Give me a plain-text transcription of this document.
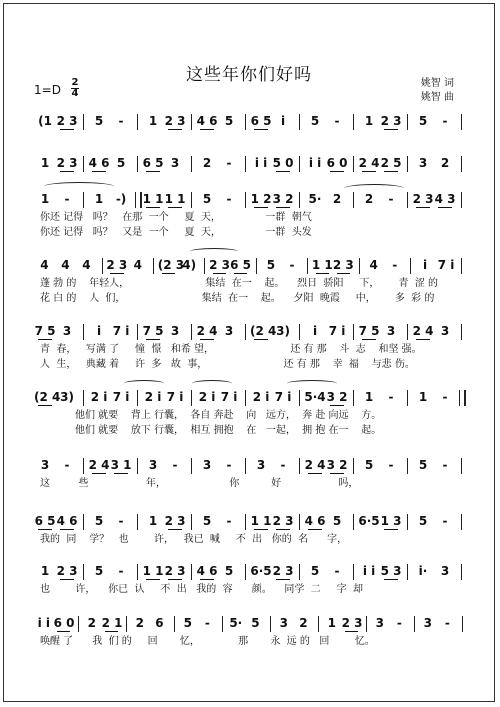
这些年你们好吗
1=D
2
4
姚智 词
姚智 曲
(1 2 3	5	-	1 2 3 4 6 5	6 5 i	5	-	1 2 3	5	-
1 2 3 4 6 5	6 5 3	2	-	i i 5 0	i i 6 0 2 4 2 5	3	2
1	-	1	-)	1 1 1 1	5	-	1 2 3 2	5· 2	2	-	2 3 4 3
你还 记得   吗？   在那  一个     夏  天，              一群  朝气
你还 记得   吗？   又是  一个     夏  天，              一群  头发
4	4	4	2 3 4	(2 3
4) 2 3 6 5	5	-	1 1 2 3	4	-	i 7 i
蓬 勃 的    年轻人，                        集结  在一    起。    烈日  骄阳     下，      青  涩 的
花 白 的    人  们，                        集结  在一    起。    夕阳  晚霞     中，      多  彩 的
7 5 3	i 7 i 7 5 3	2 4 3	(2 4 3)	i 7 i 7 5 3	2 4 3
青  春，   写满 了     憧  憬   和希 望，                        还 有 那    斗  志    和坚 强。
人  生，   典藏 着     许  多   故  事，                        还 有 那    幸  福    与悲 伤。
(2 4 3)	2 i 7 i 2 i 7 i 2 i 7 i 2 i 7 i 5·4 3 2	1	-	1	-
他们 就要    背上 行囊，  各自 奔赴    向   远方，  奔 赴 向远    方。
他们 就要    放下 行囊，  相互 拥抱    在   一起，  拥 抱 在一    起。
3	-	2 4 3 1	3	-	3	-	3	-	2 4 3 2	5	-	5	-
这         些                  年，                    你          好                  吗，
6 5 4 6	5	-	1 2 3	5	-	1 1 2 3 4 6 5	6·5 1 3	5	-
我的  同    学？   也        许，   我已  喊     不  出   你的  名      字，
1 2 3	5	-	1 1 2 3 4 6 5	6·5 2 3	5	-	i i 5 3	i·	3
也        许，    你已  认     不  出   我的  容      颜。    同学  二     字  却
i i 6 0	2 2 1	2 6	5	-	5· 5	3 2	1 2 3	3	-	3	-
唤醒 了      我  们 的     回       忆，            那       永  远 的   回        忆。
